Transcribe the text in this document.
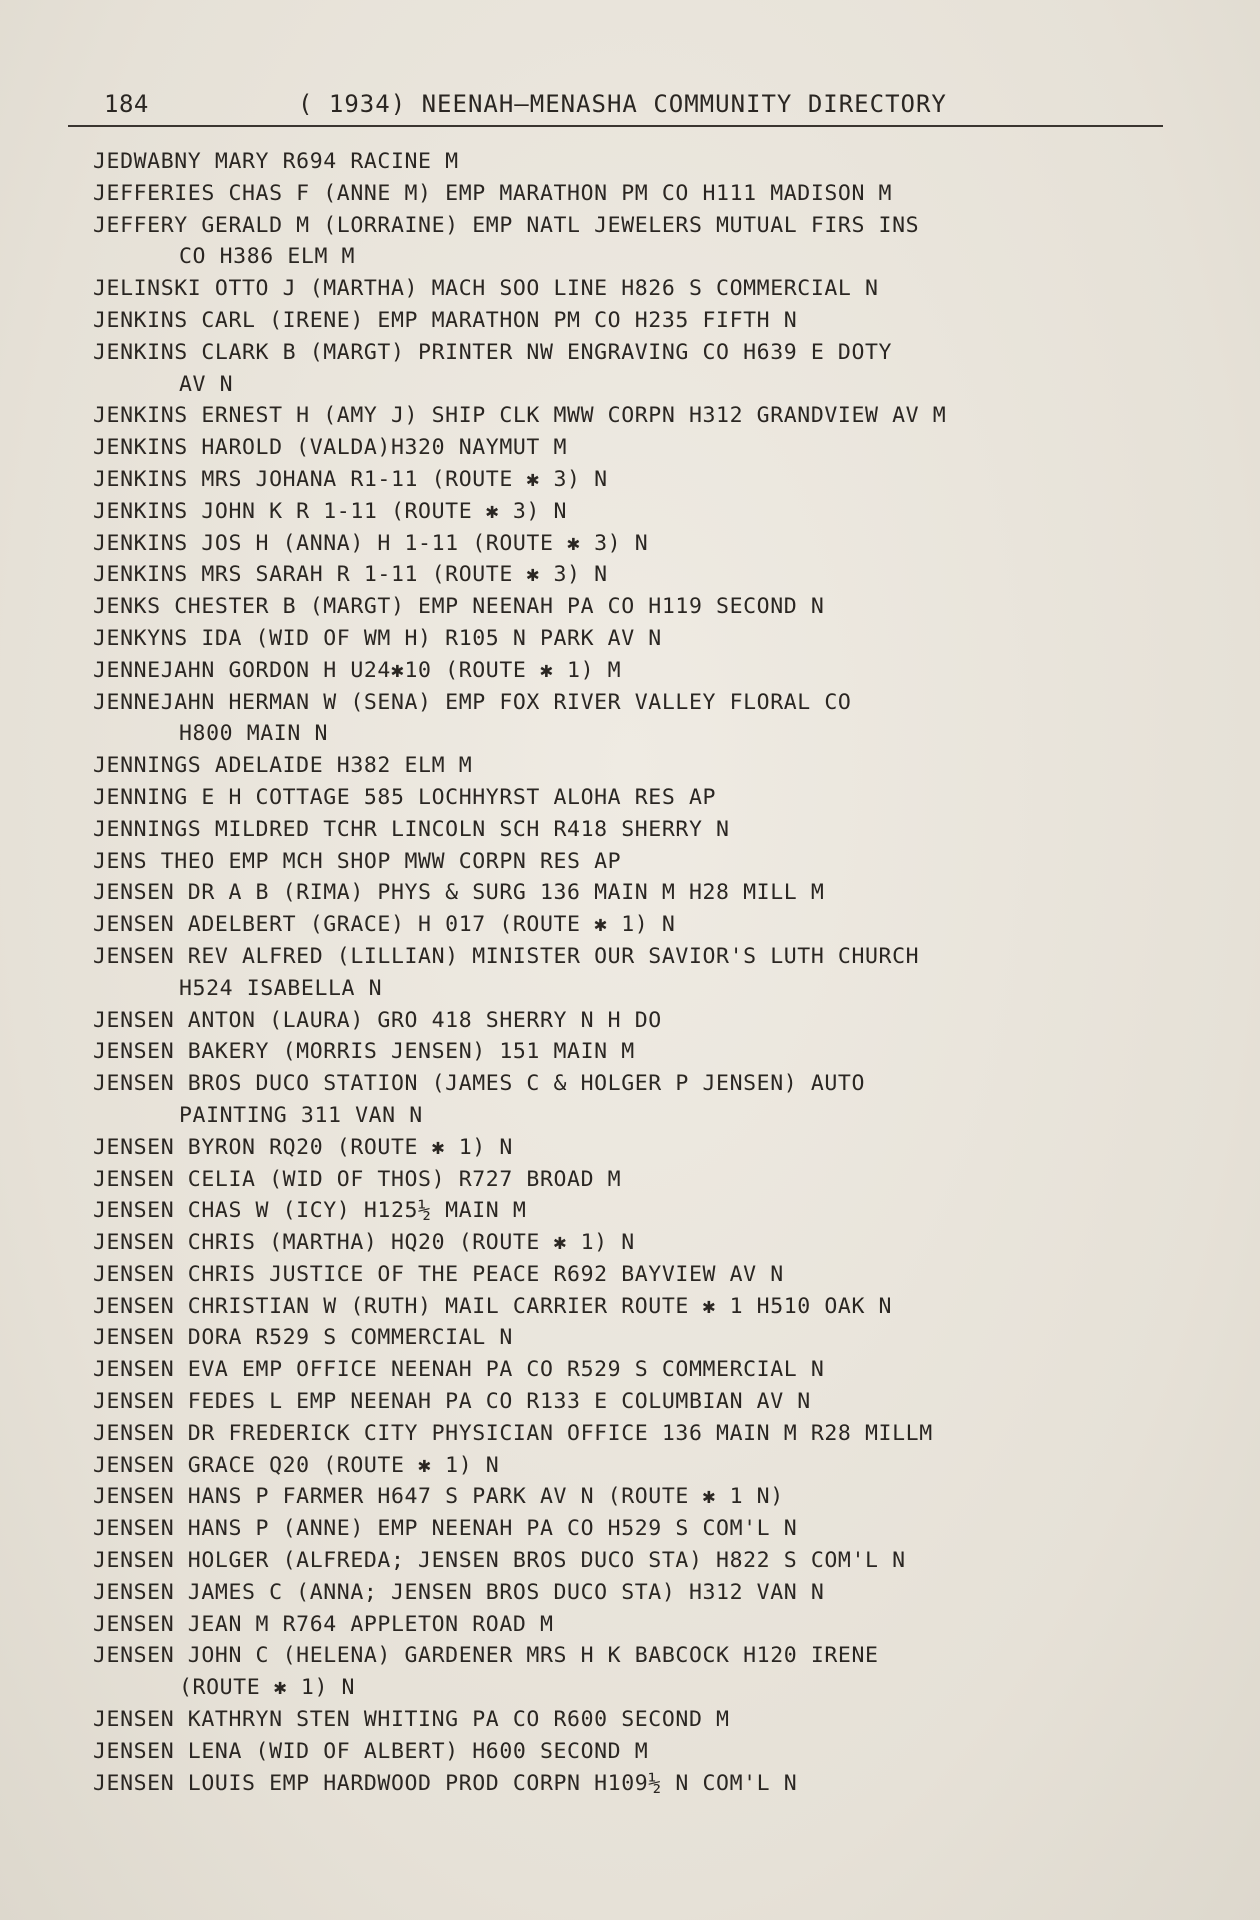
184	( 1934) NEENAH—MENASHA COMMUNITY DIRECTORY
JEDWABNY MARY R694 RACINE M
JEFFERIES CHAS F (ANNE M) EMP MARATHON PM CO H111 MADISON M
JEFFERY GERALD M (LORRAINE) EMP NATL JEWELERS MUTUAL FIRS INS
CO H386 ELM M
JELINSKI OTTO J (MARTHA) MACH SOO LINE H826 S COMMERCIAL N
JENKINS CARL (IRENE) EMP MARATHON PM CO H235 FIFTH N
JENKINS CLARK B (MARGT) PRINTER NW ENGRAVING CO H639 E DOTY
AV N
JENKINS ERNEST H (AMY J) SHIP CLK MWW CORPN H312 GRANDVIEW AV M
JENKINS HAROLD (VALDA)H320 NAYMUT M
JENKINS MRS JOHANA R1-11 (ROUTE ✱ 3) N
JENKINS JOHN K R 1-11 (ROUTE ✱ 3) N
JENKINS JOS H (ANNA) H 1-11 (ROUTE ✱ 3) N
JENKINS MRS SARAH R 1-11 (ROUTE ✱ 3) N
JENKS CHESTER B (MARGT) EMP NEENAH PA CO H119 SECOND N
JENKYNS IDA (WID OF WM H) R105 N PARK AV N
JENNEJAHN GORDON H U24✱10 (ROUTE ✱ 1) M
JENNEJAHN HERMAN W (SENA) EMP FOX RIVER VALLEY FLORAL CO
H800 MAIN N
JENNINGS ADELAIDE H382 ELM M
JENNING E H COTTAGE 585 LOCHHYRST ALOHA RES AP
JENNINGS MILDRED TCHR LINCOLN SCH R418 SHERRY N
JENS THEO EMP MCH SHOP MWW CORPN RES AP
JENSEN DR A B (RIMA) PHYS & SURG 136 MAIN M H28 MILL M
JENSEN ADELBERT (GRACE) H 017 (ROUTE ✱ 1) N
JENSEN REV ALFRED (LILLIAN) MINISTER OUR SAVIOR'S LUTH CHURCH
H524 ISABELLA N
JENSEN ANTON (LAURA) GRO 418 SHERRY N H DO
JENSEN BAKERY (MORRIS JENSEN) 151 MAIN M
JENSEN BROS DUCO STATION (JAMES C & HOLGER P JENSEN) AUTO
PAINTING 311 VAN N
JENSEN BYRON RQ20 (ROUTE ✱ 1) N
JENSEN CELIA (WID OF THOS) R727 BROAD M
JENSEN CHAS W (ICY) H125½ MAIN M
JENSEN CHRIS (MARTHA) HQ20 (ROUTE ✱ 1) N
JENSEN CHRIS JUSTICE OF THE PEACE R692 BAYVIEW AV N
JENSEN CHRISTIAN W (RUTH) MAIL CARRIER ROUTE ✱ 1 H510 OAK N
JENSEN DORA R529 S COMMERCIAL N
JENSEN EVA EMP OFFICE NEENAH PA CO R529 S COMMERCIAL N
JENSEN FEDES L EMP NEENAH PA CO R133 E COLUMBIAN AV N
JENSEN DR FREDERICK CITY PHYSICIAN OFFICE 136 MAIN M R28 MILLM
JENSEN GRACE Q20 (ROUTE ✱ 1) N
JENSEN HANS P FARMER H647 S PARK AV N (ROUTE ✱ 1 N)
JENSEN HANS P (ANNE) EMP NEENAH PA CO H529 S COM'L N
JENSEN HOLGER (ALFREDA; JENSEN BROS DUCO STA) H822 S COM'L N
JENSEN JAMES C (ANNA; JENSEN BROS DUCO STA) H312 VAN N
JENSEN JEAN M R764 APPLETON ROAD M
JENSEN JOHN C (HELENA) GARDENER MRS H K BABCOCK H120 IRENE
(ROUTE ✱ 1) N
JENSEN KATHRYN STEN WHITING PA CO R600 SECOND M
JENSEN LENA (WID OF ALBERT) H600 SECOND M
JENSEN LOUIS EMP HARDWOOD PROD CORPN H109½ N COM'L N
